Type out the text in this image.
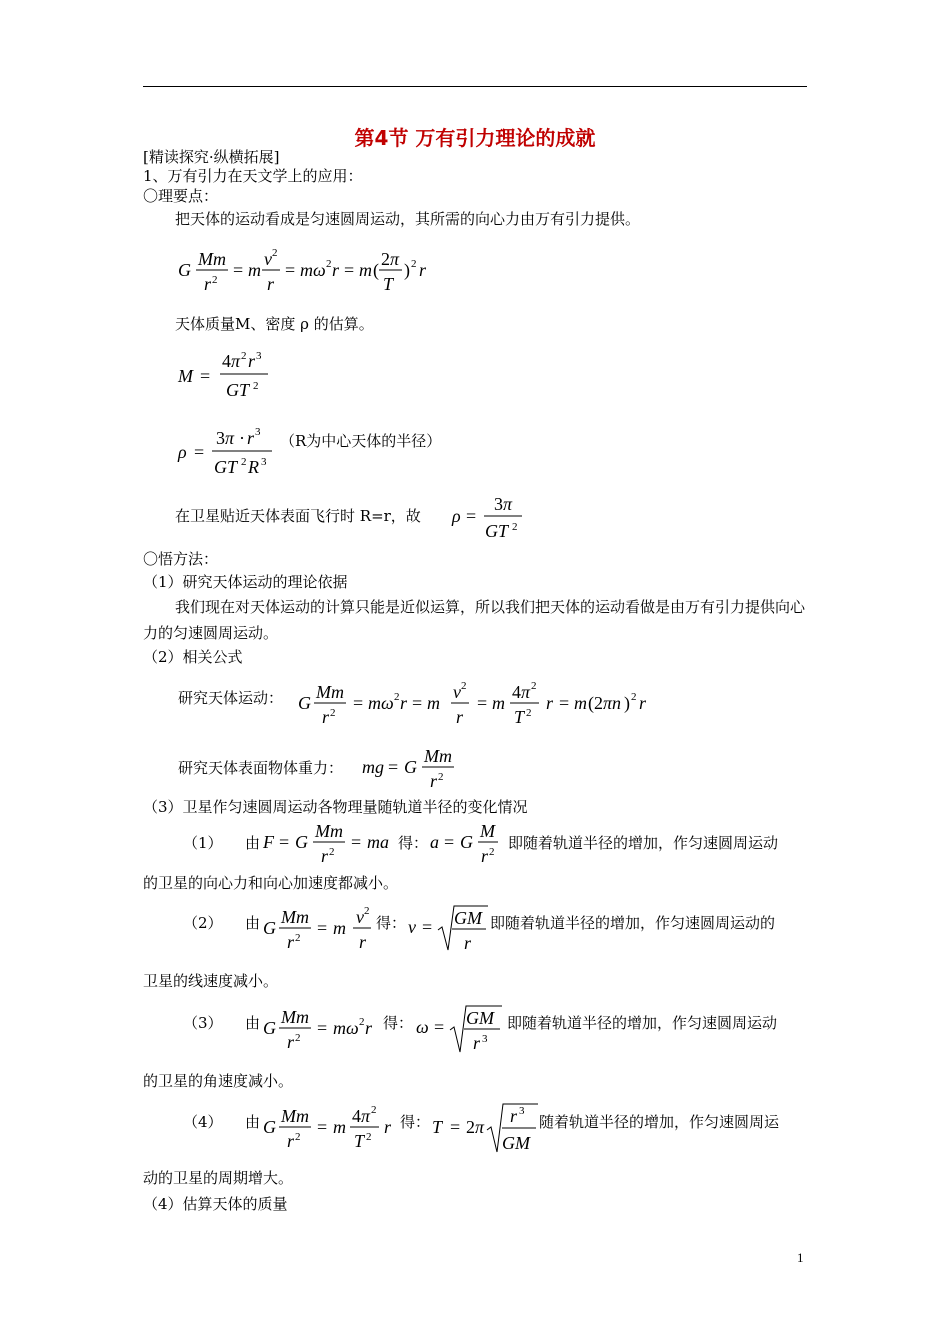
第4节 万有引力理论的成就
[精读探究·纵横拓展]
1、万有引力在天文学上的应用：
〇理要点：
把天体的运动看成是匀速圆周运动，其所需的向心力由万有引力提供。
G
Mm
r 2 = m
v 2
r
= mω 2 r = m (
2 π
T
) 2 r
天体质量M、密度 ρ 的估算。
M =
4 π 2 r 3
GT 2
ρ =
3 π · r 3
GT 2 R 3
（R为中心天体的半径）
在卫星贴近天体表面飞行时 R=r，故 ρ =
3 π
GT 2
〇悟方法：
（1）研究天体运动的理论依据
我们现在对天体运动的计算只能是近似运算，所以我们把天体的运动看做是由万有引力提供向心力的匀速圆周运动。
（2）相关公式
研究天体运动： G
Mm
r 2 = mω 2 r = m
v 2
r
= m
4 π 2
T 2 r = m (2 πn ) 2 r
研究天体表面物体重力： mg = G
Mm
r 2
（3）卫星作匀速圆周运动各物理量随轨道半径的变化情况
（1） 由 F = G
Mm
r 2 = ma 得： a = G
M
r 2 即随着轨道半径的增加，作匀速圆周运动
的卫星的向心力和向心加速度都减小。
（2） 由 G
Mm
r 2 = m
v 2
r
得： v = GM
r
即随着轨道半径的增加，作匀速圆周运动的
卫星的线速度减小。
（3） 由 G
Mm
r 2 = mω 2 r 得： ω = GM
r 3
即随着轨道半径的增加，作匀速圆周运动
的卫星的角速度减小。
（4） 由 G
Mm
r 2 = m
4 π 2
T 2 r 得： T = 2 π
r 3
GM
随着轨道半径的增加，作匀速圆周运
动的卫星的周期增大。
（4）估算天体的质量
1
